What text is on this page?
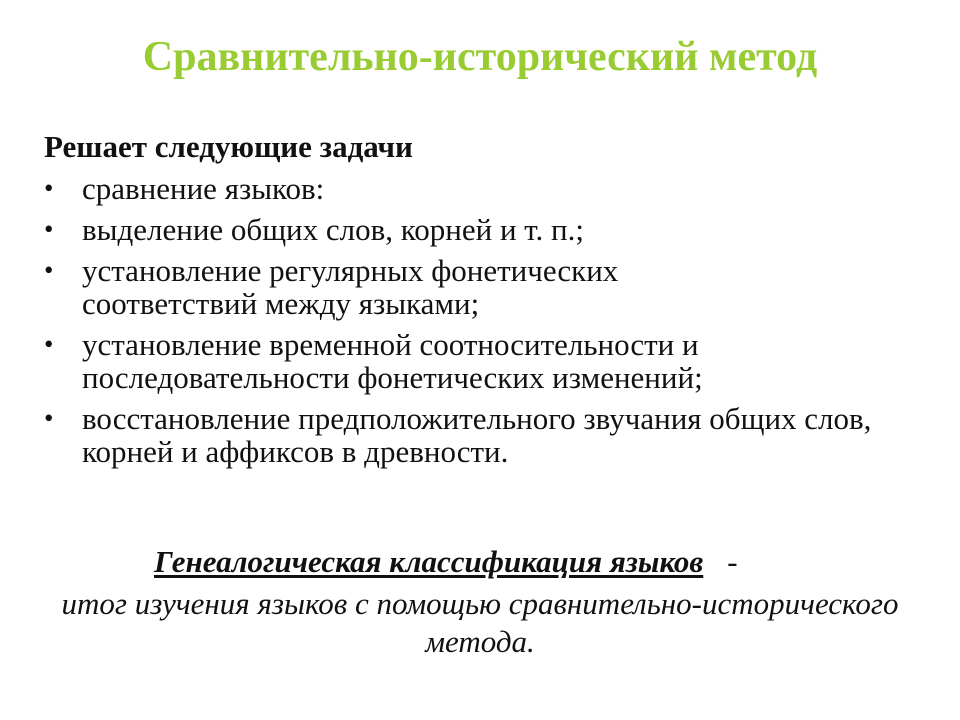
Сравнительно-исторический метод
Решает следующие задачи
• сравнение языков:
• выделение общих слов, корней и т. п.;
• установление регулярных фонетических соответствий между языками;
• установление временной соотносительности и последовательности фонетических изменений;
• восстановление предположительного звучания общих слов, корней и аффиксов в древности.
Генеалогическая классификация языков -
итог изучения языков с помощью сравнительно-исторического метода.
